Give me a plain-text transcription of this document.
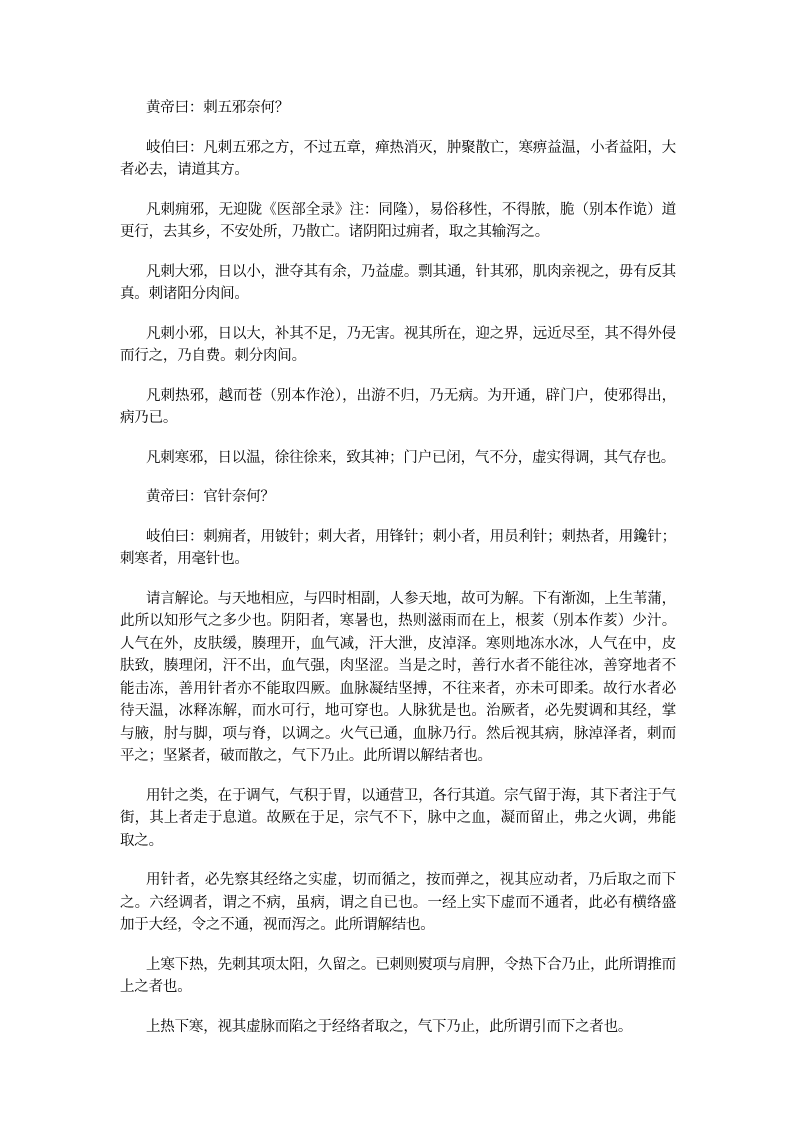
黄帝曰：刺五邪奈何？

岐伯曰：凡刺五邪之方，不过五章，瘅热消灭，肿聚散亡，寒痹益温，小者益阳，大者必去，请道其方。

凡刺痈邪，无迎陇《医部全录》注：同隆），易俗移性，不得脓，脆（别本作诡）道更行，去其乡，不安处所，乃散亡。诸阴阳过痈者，取之其输泻之。

凡刺大邪，日以小，泄夺其有余，乃益虚。剽其通，针其邪，肌肉亲视之，毋有反其真。刺诸阳分肉间。

凡刺小邪，日以大，补其不足，乃无害。视其所在，迎之界，远近尽至，其不得外侵而行之，乃自费。刺分肉间。

凡刺热邪，越而苍（别本作沧），出游不归，乃无病。为开通，辟门户，使邪得出，病乃已。

凡刺寒邪，日以温，徐往徐来，致其神；门户已闭，气不分，虚实得调，其气存也。

黄帝曰：官针奈何？

岐伯曰：刺痈者，用铍针；刺大者，用锋针；刺小者，用员利针；刺热者，用鑱针；刺寒者，用毫针也。

请言解论。与天地相应，与四时相副，人参天地，故可为解。下有渐洳，上生苇蒲，此所以知形气之多少也。阴阳者，寒暑也，热则滋雨而在上，根荄（别本作荄）少汁。人气在外，皮肤缓，腠理开，血气减，汗大泄，皮淖泽。寒则地冻水冰，人气在中，皮肤致，腠理闭，汗不出，血气强，肉坚涩。当是之时，善行水者不能往冰，善穿地者不能击冻，善用针者亦不能取四厥。血脉凝结坚搏，不往来者，亦未可即柔。故行水者必待天温，冰释冻解，而水可行，地可穿也。人脉犹是也。治厥者，必先熨调和其经，掌与腋，肘与脚，项与脊，以调之。火气已通，血脉乃行。然后视其病，脉淖泽者，刺而平之；坚紧者，破而散之，气下乃止。此所谓以解结者也。

用针之类，在于调气，气积于胃，以通营卫，各行其道。宗气留于海，其下者注于气街，其上者走于息道。故厥在于足，宗气不下，脉中之血，凝而留止，弗之火调，弗能取之。

用针者，必先察其经络之实虚，切而循之，按而弹之，视其应动者，乃后取之而下之。六经调者，谓之不病，虽病，谓之自已也。一经上实下虚而不通者，此必有横络盛加于大经，令之不通，视而泻之。此所谓解结也。

上寒下热，先刺其项太阳，久留之。已刺则熨项与肩胛，令热下合乃止，此所谓推而上之者也。

上热下寒，视其虚脉而陷之于经络者取之，气下乃止，此所谓引而下之者也。
